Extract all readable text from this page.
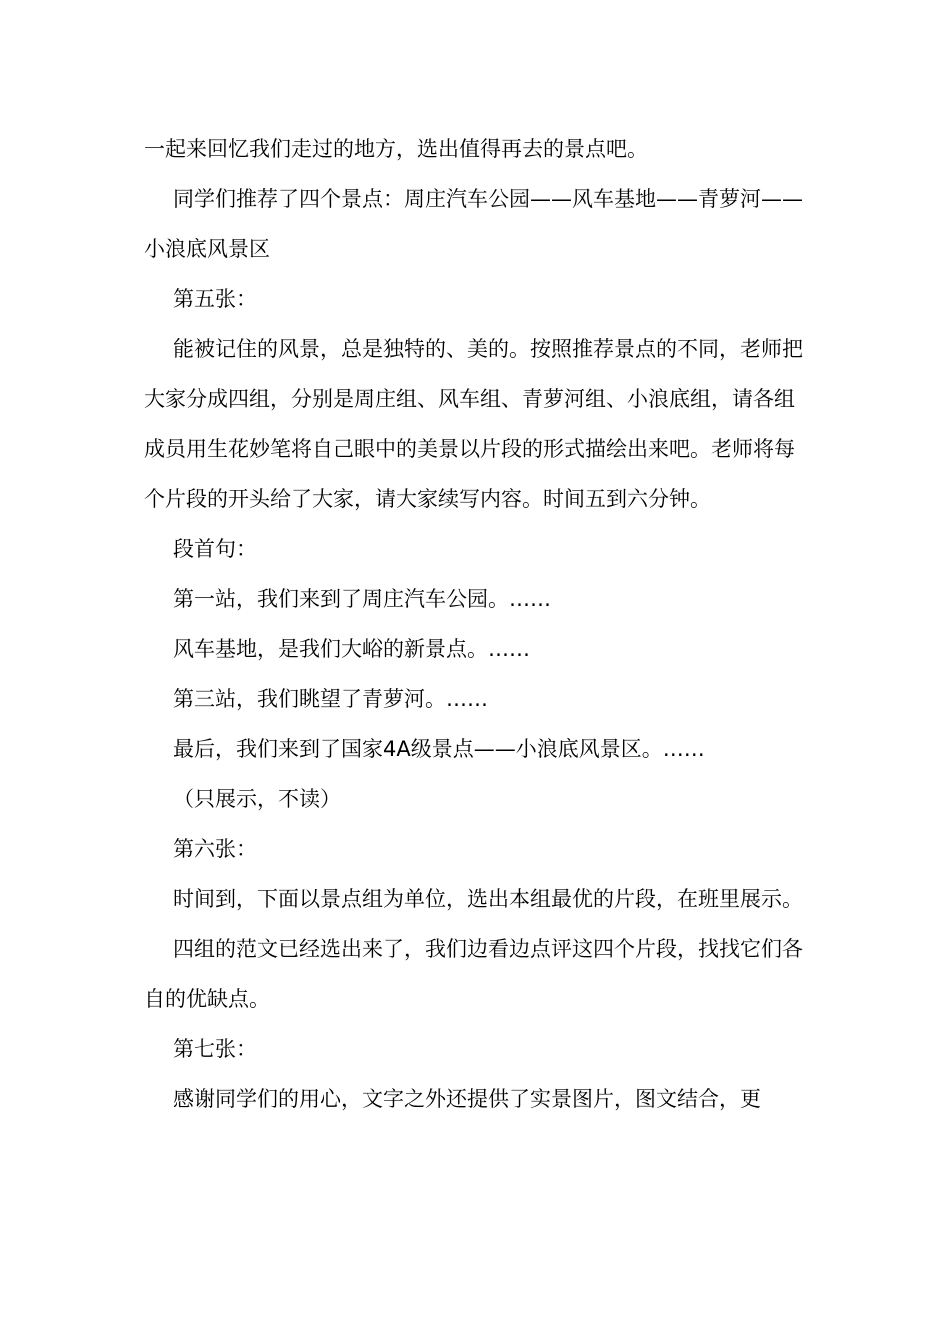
一起来回忆我们走过的地方，选出值得再去的景点吧。

同学们推荐了四个景点：周庄汽车公园——风车基地——青萝河——小浪底风景区

第五张：

能被记住的风景，总是独特的、美的。按照推荐景点的不同，老师把大家分成四组，分别是周庄组、风车组、青萝河组、小浪底组，请各组成员用生花妙笔将自己眼中的美景以片段的形式描绘出来吧。老师将每个片段的开头给了大家，请大家续写内容。时间五到六分钟。

段首句：

第一站，我们来到了周庄汽车公园。……

风车基地，是我们大峪的新景点。……

第三站，我们眺望了青萝河。……

最后，我们来到了国家4A级景点——小浪底风景区。……

（只展示，不读）

第六张：

时间到，下面以景点组为单位，选出本组最优的片段，在班里展示。

四组的范文已经选出来了，我们边看边点评这四个片段，找找它们各自的优缺点。

第七张：

感谢同学们的用心，文字之外还提供了实景图片，图文结合，更
